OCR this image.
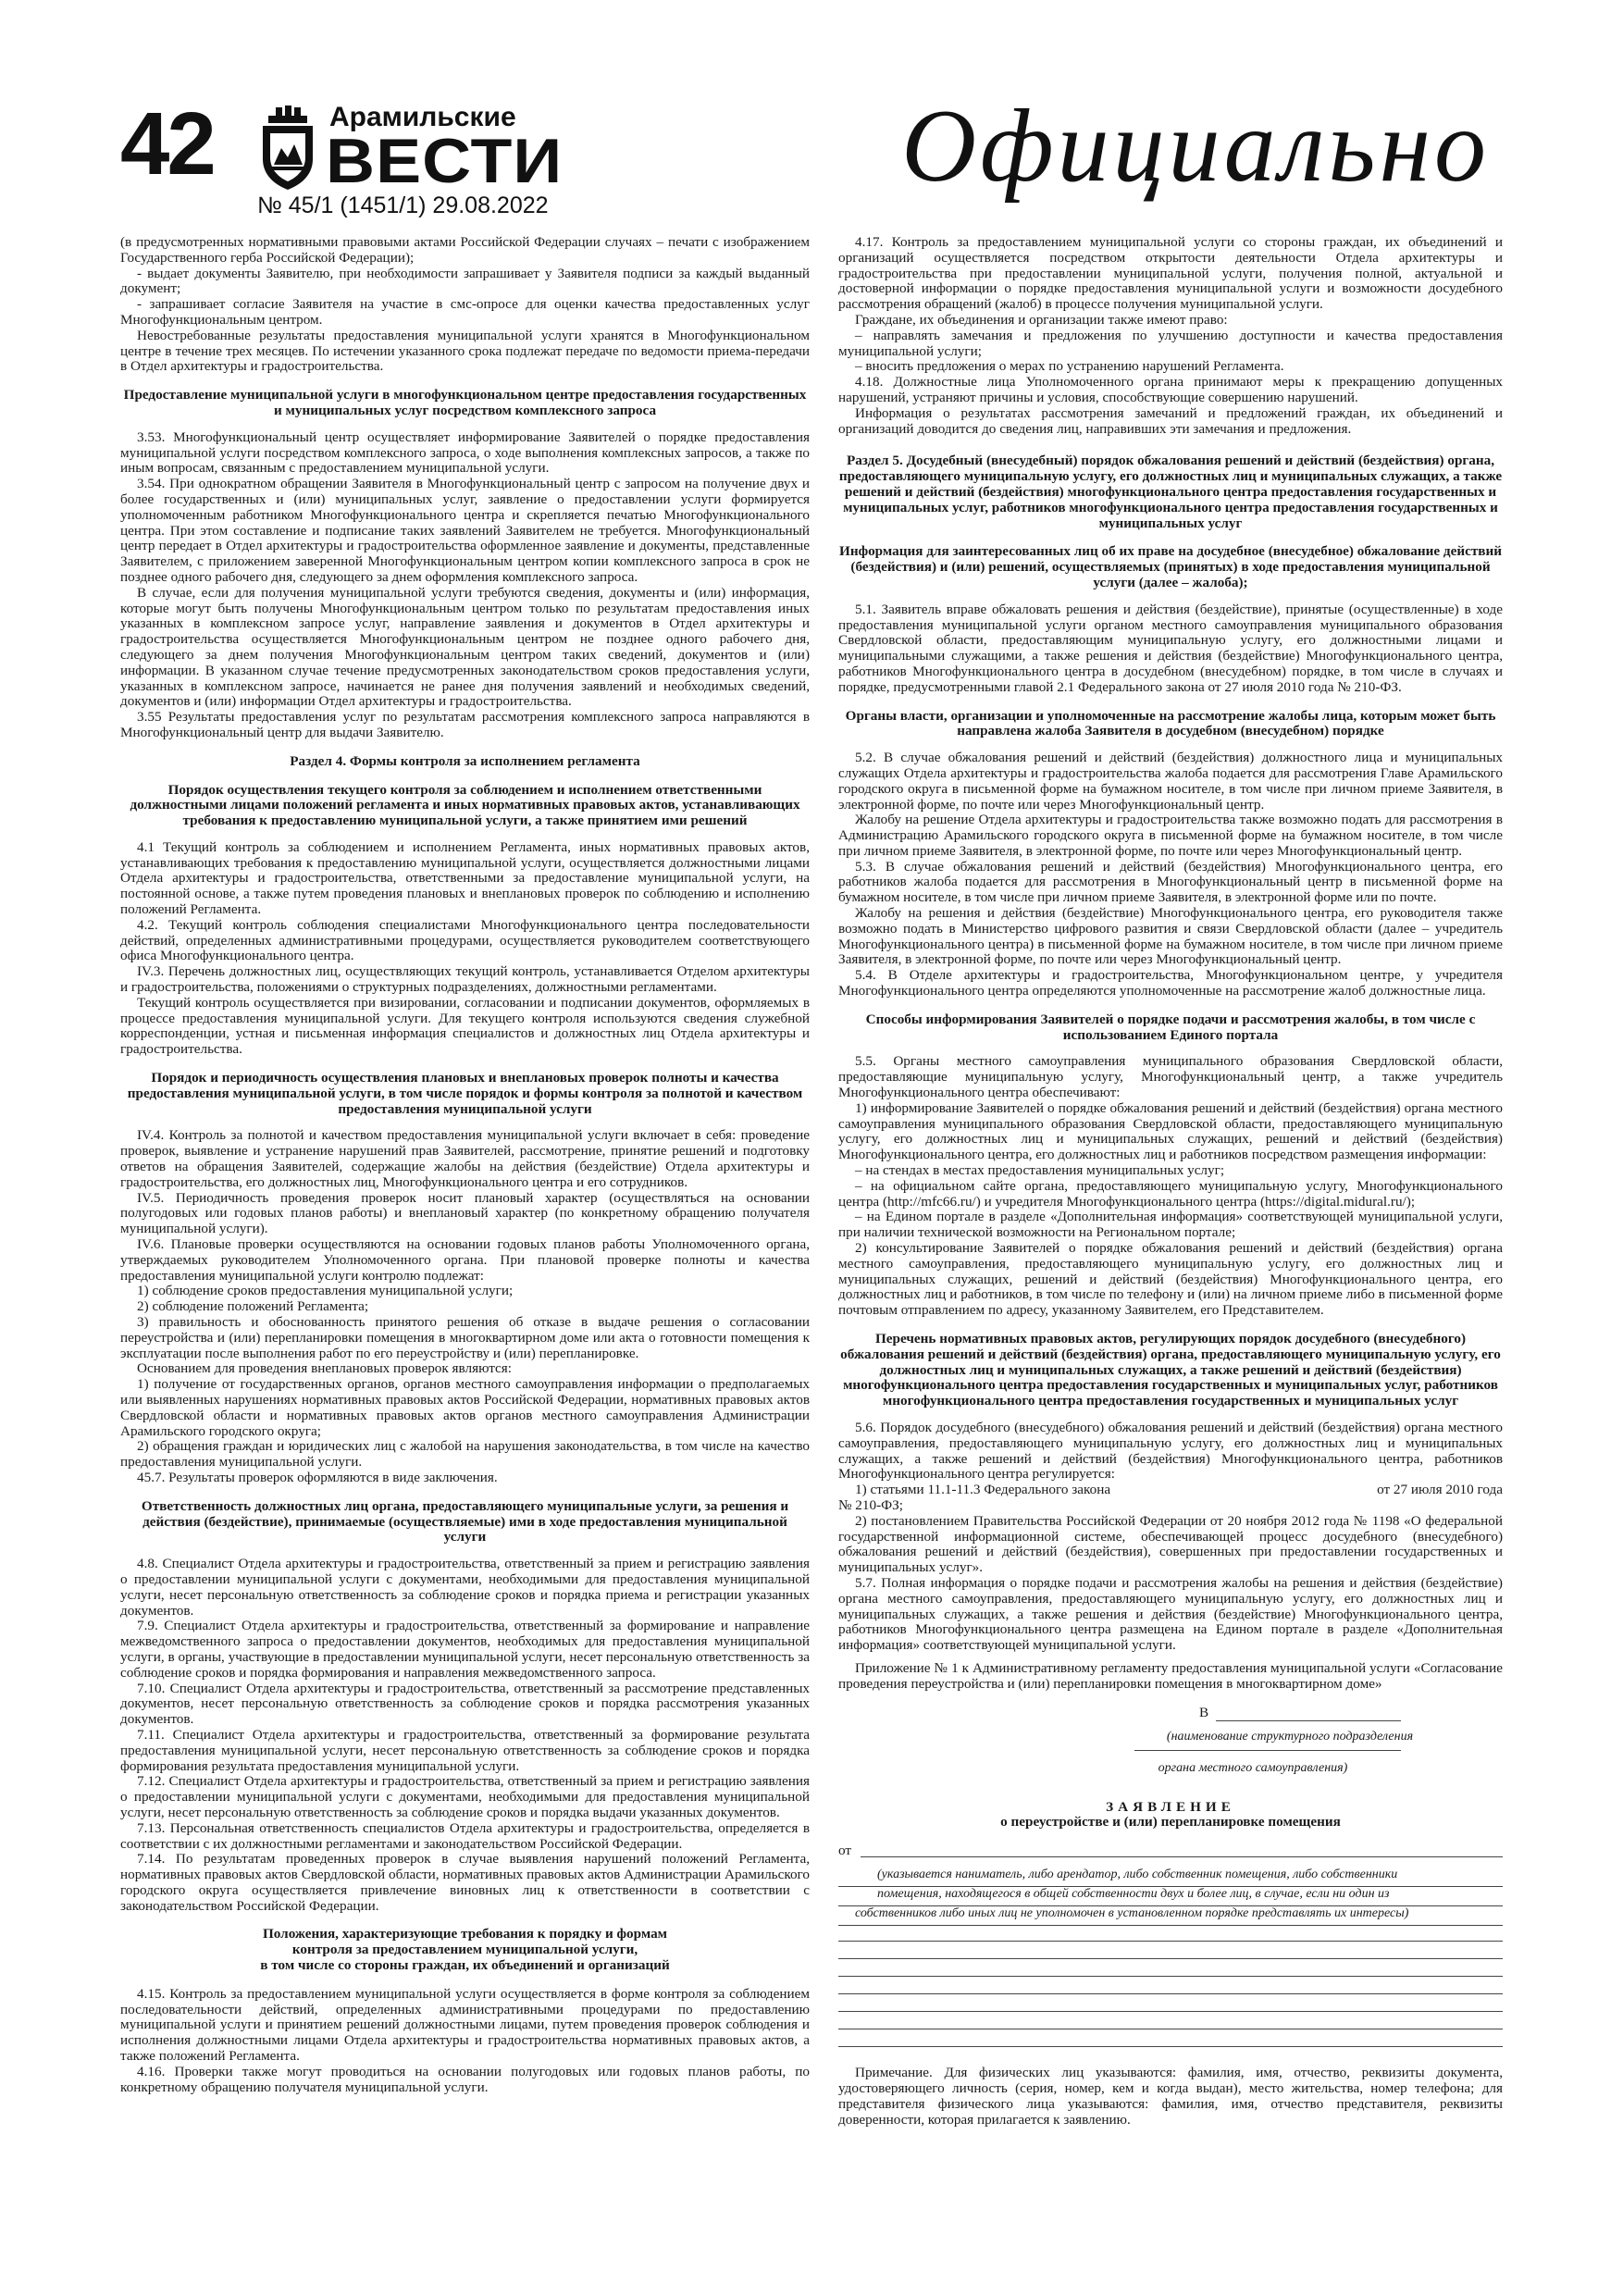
42	Арамильские
ВЕСТИ
№ 45/1 (1451/1) 29.08.2022
Официально

(в предусмотренных нормативными правовыми актами Российской Федерации случаях – печати с изображением Государственного герба Российской Федерации);

- выдает документы Заявителю, при необходимости запрашивает у Заявителя подписи за каждый выданный документ;

- запрашивает согласие Заявителя на участие в смс-опросе для оценки качества предоставленных услуг Многофункциональным центром.

Невостребованные результаты предоставления муниципальной услуги хранятся в Многофункциональном центре в течение трех месяцев. По истечении указанного срока подлежат передаче по ведомости приема-передачи в Отдел архитектуры и градостроительства.

Предоставление муниципальной услуги в многофункциональном центре предоставления государственных и муниципальных услуг посредством комплексного запроса

3.53. Многофункциональный центр осуществляет информирование Заявителей о порядке предоставления муниципальной услуги посредством комплексного запроса, о ходе выполнения комплексных запросов, а также по иным вопросам, связанным с предоставлением муниципальной услуги.

3.54. При однократном обращении Заявителя в Многофункциональный центр с запросом на получение двух и более государственных и (или) муниципальных услуг, заявление о предоставлении услуги формируется уполномоченным работником Многофункционального центра и скрепляется печатью Многофункционального центра. При этом составление и подписание таких заявлений Заявителем не требуется. Многофункциональный центр передает в Отдел архитектуры и градостроительства оформленное заявление и документы, представленные Заявителем, с приложением заверенной Многофункциональным центром копии комплексного запроса в срок не позднее одного рабочего дня, следующего за днем оформления комплексного запроса.

В случае, если для получения муниципальной услуги требуются сведения, документы и (или) информация, которые могут быть получены Многофункциональным центром только по результатам предоставления иных указанных в комплексном запросе услуг, направление заявления и документов в Отдел архитектуры и градостроительства осуществляется Многофункциональным центром не позднее одного рабочего дня, следующего за днем получения Многофункциональным центром таких сведений, документов и (или) информации. В указанном случае течение предусмотренных законодательством сроков предоставления услуги, указанных в комплексном запросе, начинается не ранее дня получения заявлений и необходимых сведений, документов и (или) информации Отдел архитектуры и градостроительства.

3.55 Результаты предоставления услуг по результатам рассмотрения комплексного запроса направляются в Многофункциональный центр для выдачи Заявителю.

Раздел 4. Формы контроля за исполнением регламента
Порядок осуществления текущего контроля за соблюдением и исполнением ответственными должностными лицами положений регламента и иных нормативных правовых актов, устанавливающих требования к предоставлению муниципальной услуги, а также принятием ими решений

4.1 Текущий контроль за соблюдением и исполнением Регламента, иных нормативных правовых актов, устанавливающих требования к предоставлению муниципальной услуги, осуществляется должностными лицами Отдела архитектуры и градостроительства, ответственными за предоставление муниципальной услуги, на постоянной основе, а также путем проведения плановых и внеплановых проверок по соблюдению и исполнению положений Регламента.

4.2. Текущий контроль соблюдения специалистами Многофункционального центра последовательности действий, определенных административными процедурами, осуществляется руководителем соответствующего офиса Многофункционального центра.

IV.3. Перечень должностных лиц, осуществляющих текущий контроль, устанавливается Отделом архитектуры и градостроительства, положениями о структурных подразделениях, должностными регламентами.

Текущий контроль осуществляется при визировании, согласовании и подписании документов, оформляемых в процессе предоставления муниципальной услуги. Для текущего контроля используются сведения служебной корреспонденции, устная и письменная информация специалистов и должностных лиц Отдела архитектуры и градостроительства.

Порядок и периодичность осуществления плановых и внеплановых проверок полноты и качества предоставления муниципальной услуги, в том числе порядок и формы контроля за полнотой и качеством предоставления муниципальной услуги

IV.4. Контроль за полнотой и качеством предоставления муниципальной услуги включает в себя: проведение проверок, выявление и устранение нарушений прав Заявителей, рассмотрение, принятие решений и подготовку ответов на обращения Заявителей, содержащие жалобы на действия (бездействие) Отдела архитектуры и градостроительства, его должностных лиц, Многофункционального центра и его сотрудников.

IV.5. Периодичность проведения проверок носит плановый характер (осуществляться на основании полугодовых или годовых планов работы) и внеплановый характер (по конкретному обращению получателя муниципальной услуги).

IV.6. Плановые проверки осуществляются на основании годовых планов работы Уполномоченного органа, утверждаемых руководителем Уполномоченного органа. При плановой проверке полноты и качества предоставления муниципальной услуги контролю подлежат:

1) соблюдение сроков предоставления муниципальной услуги;

2) соблюдение положений Регламента;

3) правильность и обоснованность принятого решения об отказе в выдаче решения о согласовании переустройства и (или) перепланировки помещения в многоквартирном доме или акта о готовности помещения к эксплуатации после выполнения работ по его переустройству и (или) перепланировке.

Основанием для проведения внеплановых проверок являются:

1) получение от государственных органов, органов местного самоуправления информации о предполагаемых или выявленных нарушениях нормативных правовых актов Российской Федерации, нормативных правовых актов Свердловской области и нормативных правовых актов органов местного самоуправления Администрации Арамильского городского округа;

2) обращения граждан и юридических лиц с жалобой на нарушения законодательства, в том числе на качество предоставления муниципальной услуги.

45.7. Результаты проверок оформляются в виде заключения.

Ответственность должностных лиц органа, предоставляющего муниципальные услуги, за решения и действия (бездействие), принимаемые (осуществляемые) ими в ходе предоставления муниципальной услуги

4.8. Специалист Отдела архитектуры и градостроительства, ответственный за прием и регистрацию заявления о предоставлении муниципальной услуги с документами, необходимыми для предоставления муниципальной услуги, несет персональную ответственность за соблюдение сроков и порядка приема и регистрации указанных документов.

7.9. Специалист Отдела архитектуры и градостроительства, ответственный за формирование и направление межведомственного запроса о предоставлении документов, необходимых для предоставления муниципальной услуги, в органы, участвующие в предоставлении муниципальной услуги, несет персональную ответственность за соблюдение сроков и порядка формирования и направления межведомственного запроса.

7.10. Специалист Отдела архитектуры и градостроительства, ответственный за рассмотрение представленных документов, несет персональную ответственность за соблюдение сроков и порядка рассмотрения указанных документов.

7.11. Специалист Отдела архитектуры и градостроительства, ответственный за формирование результата предоставления муниципальной услуги, несет персональную ответственность за соблюдение сроков и порядка формирования результата предоставления муниципальной услуги.

7.12. Специалист Отдела архитектуры и градостроительства, ответственный за прием и регистрацию заявления о предоставлении муниципальной услуги с документами, необходимыми для предоставления муниципальной услуги, несет персональную ответственность за соблюдение сроков и порядка выдачи указанных документов.

7.13. Персональная ответственность специалистов Отдела архитектуры и градостроительства, определяется в соответствии с их должностными регламентами и законодательством Российской Федерации.

7.14. По результатам проведенных проверок в случае выявления нарушений положений Регламента, нормативных правовых актов Свердловской области, нормативных правовых актов Администрации Арамильского городского округа осуществляется привлечение виновных лиц к ответственности в соответствии с законодательством Российской Федерации.

Положения, характеризующие требования к порядку и формам
контроля за предоставлением муниципальной услуги,
в том числе со стороны граждан, их объединений и организаций

4.15. Контроль за предоставлением муниципальной услуги осуществляется в форме контроля за соблюдением последовательности действий, определенных административными процедурами по предоставлению муниципальной услуги и принятием решений должностными лицами, путем проведения проверок соблюдения и исполнения должностными лицами Отдела архитектуры и градостроительства нормативных правовых актов, а также положений Регламента.

4.16. Проверки также могут проводиться на основании полугодовых или годовых планов работы, по конкретному обращению получателя муниципальной услуги.

4.17. Контроль за предоставлением муниципальной услуги со стороны граждан, их объединений и организаций осуществляется посредством открытости деятельности Отдела архитектуры и градостроительства при предоставлении муниципальной услуги, получения полной, актуальной и достоверной информации о порядке предоставления муниципальной услуги и возможности досудебного рассмотрения обращений (жалоб) в процессе получения муниципальной услуги.

Граждане, их объединения и организации также имеют право:

– направлять замечания и предложения по улучшению доступности и качества предоставления муниципальной услуги;

– вносить предложения о мерах по устранению нарушений Регламента.

4.18. Должностные лица Уполномоченного органа принимают меры к прекращению допущенных нарушений, устраняют причины и условия, способствующие совершению нарушений.

Информация о результатах рассмотрения замечаний и предложений граждан, их объединений и организаций доводится до сведения лиц, направивших эти замечания и предложения.

Раздел 5. Досудебный (внесудебный) порядок обжалования решений и действий (бездействия) органа, предоставляющего муниципальную услугу, его должностных лиц и муниципальных служащих, а также решений и действий (бездействия) многофункционального центра предоставления государственных и муниципальных услуг, работников многофункционального центра предоставления государственных и муниципальных услуг
Информация для заинтересованных лиц об их праве на досудебное (внесудебное) обжалование действий (бездействия) и (или) решений, осуществляемых (принятых) в ходе предоставления муниципальной услуги (далее – жалоба);

5.1. Заявитель вправе обжаловать решения и действия (бездействие), принятые (осуществленные) в ходе предоставления муниципальной услуги органом местного самоуправления муниципального образования Свердловской области, предоставляющим муниципальную услугу, его должностными лицами и муниципальными служащими, а также решения и действия (бездействие) Многофункционального центра, работников Многофункционального центра в досудебном (внесудебном) порядке, в том числе в случаях и порядке, предусмотренными главой 2.1 Федерального закона от 27 июля 2010 года № 210-ФЗ.

Органы власти, организации и уполномоченные на рассмотрение жалобы лица, которым может быть направлена жалоба Заявителя в досудебном (внесудебном) порядке

5.2. В случае обжалования решений и действий (бездействия) должностного лица и муниципальных служащих Отдела архитектуры и градостроительства жалоба подается для рассмотрения Главе Арамильского городского округа в письменной форме на бумажном носителе, в том числе при личном приеме Заявителя, в электронной форме, по почте или через Многофункциональный центр.

Жалобу на решение Отдела архитектуры и градостроительства также возможно подать для рассмотрения в Администрацию Арамильского городского округа в письменной форме на бумажном носителе, в том числе при личном приеме Заявителя, в электронной форме, по почте или через Многофункциональный центр.

5.3. В случае обжалования решений и действий (бездействия) Многофункционального центра, его работников жалоба подается для рассмотрения в Многофункциональный центр в письменной форме на бумажном носителе, в том числе при личном приеме Заявителя, в электронной форме или по почте.

Жалобу на решения и действия (бездействие) Многофункционального центра, его руководителя также возможно подать в Министерство цифрового развития и связи Свердловской области (далее – учредитель Многофункционального центра) в письменной форме на бумажном носителе, в том числе при личном приеме Заявителя, в электронной форме, по почте или через Многофункциональный центр.

5.4. В Отделе архитектуры и градостроительства, Многофункциональном центре, у учредителя Многофункционального центра определяются уполномоченные на рассмотрение жалоб должностные лица.

Способы информирования Заявителей о порядке подачи и рассмотрения жалобы, в том числе с использованием Единого портала

5.5. Органы местного самоуправления муниципального образования Свердловской области, предоставляющие муниципальную услугу, Многофункциональный центр, а также учредитель Многофункционального центра обеспечивают:

1) информирование Заявителей о порядке обжалования решений и действий (бездействия) органа местного самоуправления муниципального образования Свердловской области, предоставляющего муниципальную услугу, его должностных лиц и муниципальных служащих, решений и действий (бездействия) Многофункционального центра, его должностных лиц и работников посредством размещения информации:

– на стендах в местах предоставления муниципальных услуг;

– на официальном сайте органа, предоставляющего муниципальную услугу, Многофункционального центра (http://mfc66.ru/) и учредителя Многофункционального центра (https://digital.midural.ru/);

– на Едином портале в разделе «Дополнительная информация» соответствующей муниципальной услуги, при наличии технической возможности на Региональном портале;

2) консультирование Заявителей о порядке обжалования решений и действий (бездействия) органа местного самоуправления, предоставляющего муниципальную услугу, его должностных лиц и муниципальных служащих, решений и действий (бездействия) Многофункционального центра, его должностных лиц и работников, в том числе по телефону и (или) на личном приеме либо в письменной форме почтовым отправлением по адресу, указанному Заявителем, его Представителем.

Перечень нормативных правовых актов, регулирующих порядок досудебного (внесудебного) обжалования решений и действий (бездействия) органа, предоставляющего муниципальную услугу, его должностных лиц и муниципальных служащих, а также решений и действий (бездействия) многофункционального центра предоставления государственных и муниципальных услуг, работников многофункционального центра предоставления государственных и муниципальных услуг

5.6. Порядок досудебного (внесудебного) обжалования решений и действий (бездействия) органа местного самоуправления, предоставляющего муниципальную услугу, его должностных лиц и муниципальных служащих, а также решений и действий (бездействия) Многофункционального центра, работников Многофункционального центра регулируется:

1) статьями 11.1-11.3 Федерального закона	от 27 июля 2010 года

№ 210-ФЗ;

2) постановлением Правительства Российской Федерации от 20 ноября 2012 года № 1198 «О федеральной государственной информационной системе, обеспечивающей процесс досудебного (внесудебного) обжалования решений и действий (бездействия), совершенных при предоставлении государственных и муниципальных услуг».

5.7. Полная информация о порядке подачи и рассмотрения жалобы на решения и действия (бездействие) органа местного самоуправления, предоставляющего муниципальную услугу, его должностных лиц и муниципальных служащих, а также решения и действия (бездействие) Многофункционального центра, работников Многофункционального центра размещена на Едином портале в разделе «Дополнительная информация» соответствующей муниципальной услуги.

Приложение № 1 к Административному регламенту предоставления муниципальной услуги «Согласование проведения переустройства и (или) перепланировки помещения в многоквартирном доме»

В

(наименование структурного подразделения

органа местного самоуправления)

ЗАЯВЛЕНИЕ
о переустройстве и (или) перепланировке помещения
от

(указывается наниматель, либо арендатор, либо собственник помещения, либо собственники

помещения, находящегося в общей собственности двух и более лиц, в случае, если ни один из

собственников либо иных лиц не уполномочен в установленном порядке представлять их интересы)

Примечание. Для физических лиц указываются: фамилия, имя, отчество, реквизиты документа, удостоверяющего личность (серия, номер, кем и когда выдан), место жительства, номер телефона; для представителя физического лица указываются: фамилия, имя, отчество представителя, реквизиты доверенности, которая прилагается к заявлению.
